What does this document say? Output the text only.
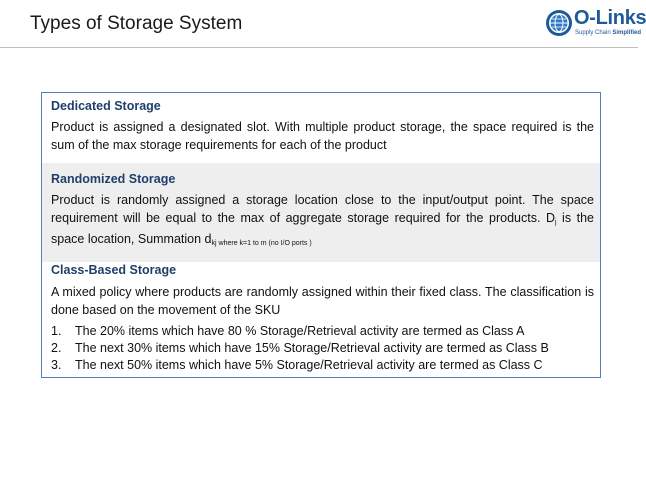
Types of Storage System	O-Links
Supply Chain Simplified
Dedicated Storage
Product is assigned a designated slot. With multiple product storage, the space required is the sum of the max storage requirements for each of the product
Randomized Storage
Product is randomly assigned a storage location close to the input/output point. The space requirement will be equal to the max of aggregate storage required for the products. $D_j$ is the space location, Summation $d_{kj where k=1 to m (no I/O ports )}$
Class-Based Storage
A mixed policy where products are randomly assigned within their fixed class. The classification is done based on the movement of the SKU
1.	The 20% items which have 80 % Storage/Retrieval activity are termed as Class A
2.	The next 30% items which have 15% Storage/Retrieval activity are termed as Class B
3.	The next 50% items which have 5% Storage/Retrieval activity are termed as Class C
